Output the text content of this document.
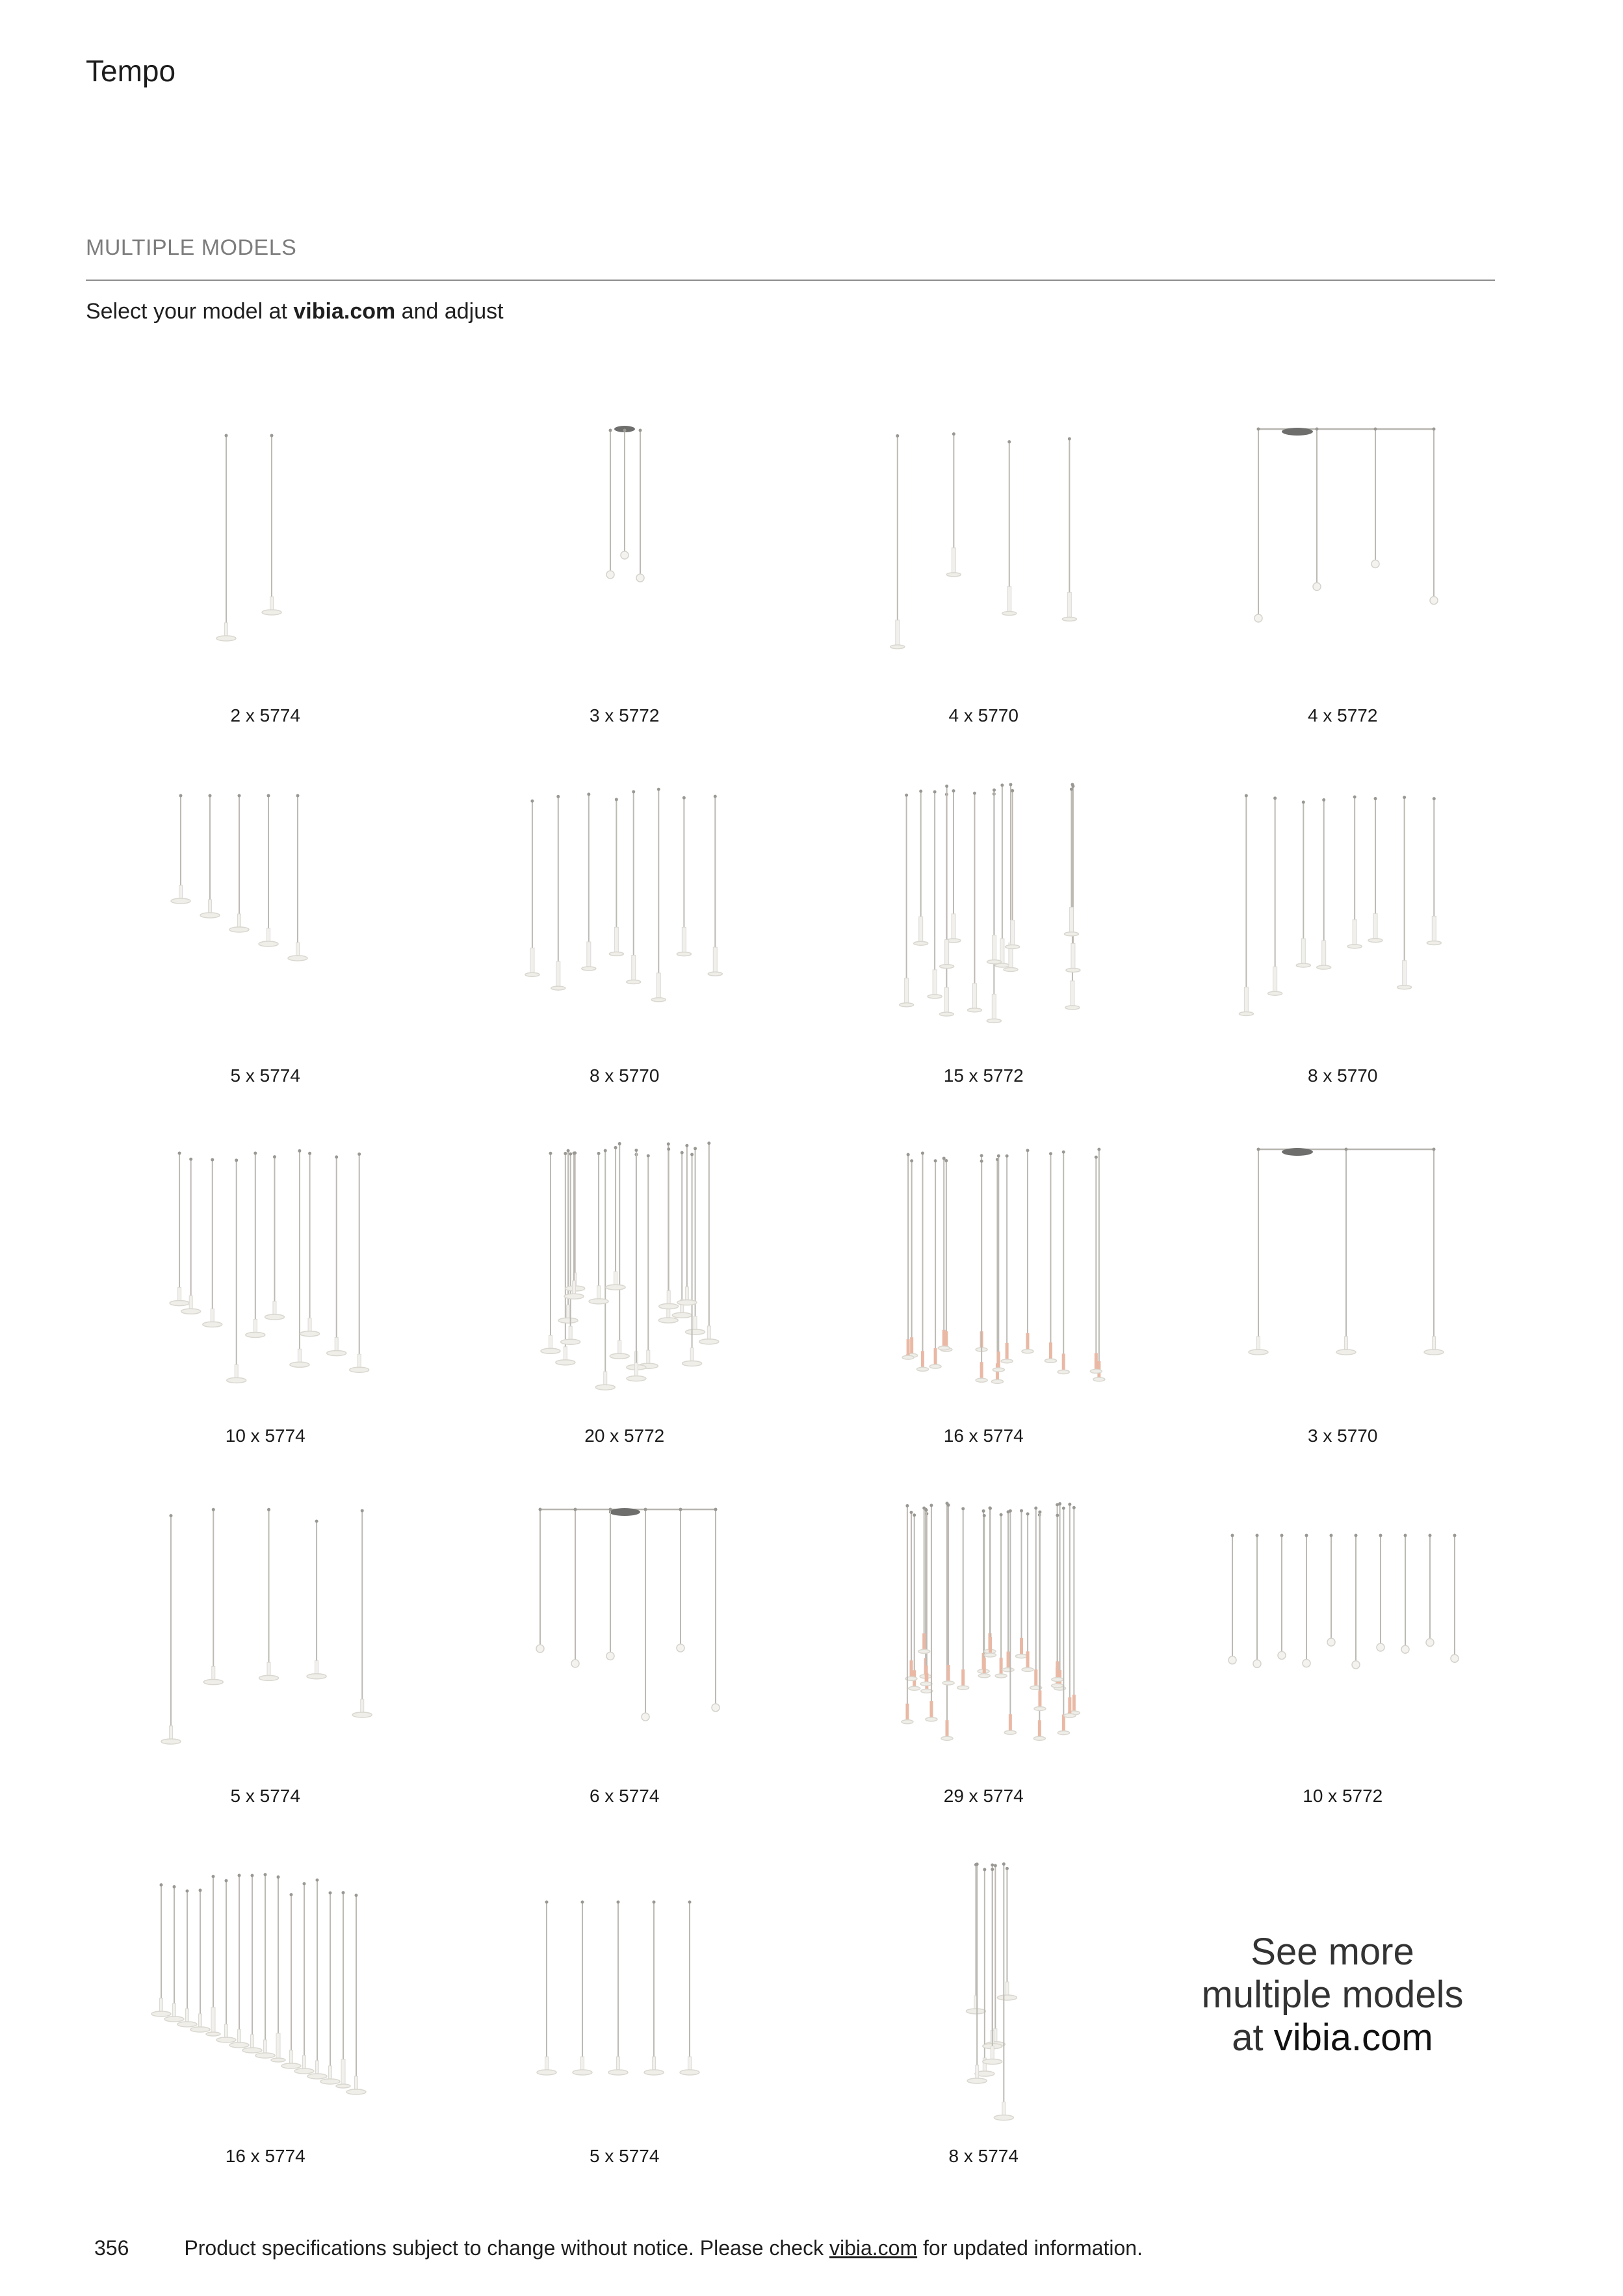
Tempo
MULTIPLE MODELS
Select your model at vibia.com and adjust
2 x 5774	3 x 5772	4 x 5770	4 x 5772
5 x 5774	8 x 5770	15 x 5772	8 x 5770
10 x 5774	20 x 5772	16 x 5774	3 x 5770
5 x 5774	6 x 5774	29 x 5774	10 x 5772
16 x 5774	5 x 5774	8 x 5774
See more
multiple models
at vibia.com
356	Product specifications subject to change without notice. Please check vibia.com for updated information.
